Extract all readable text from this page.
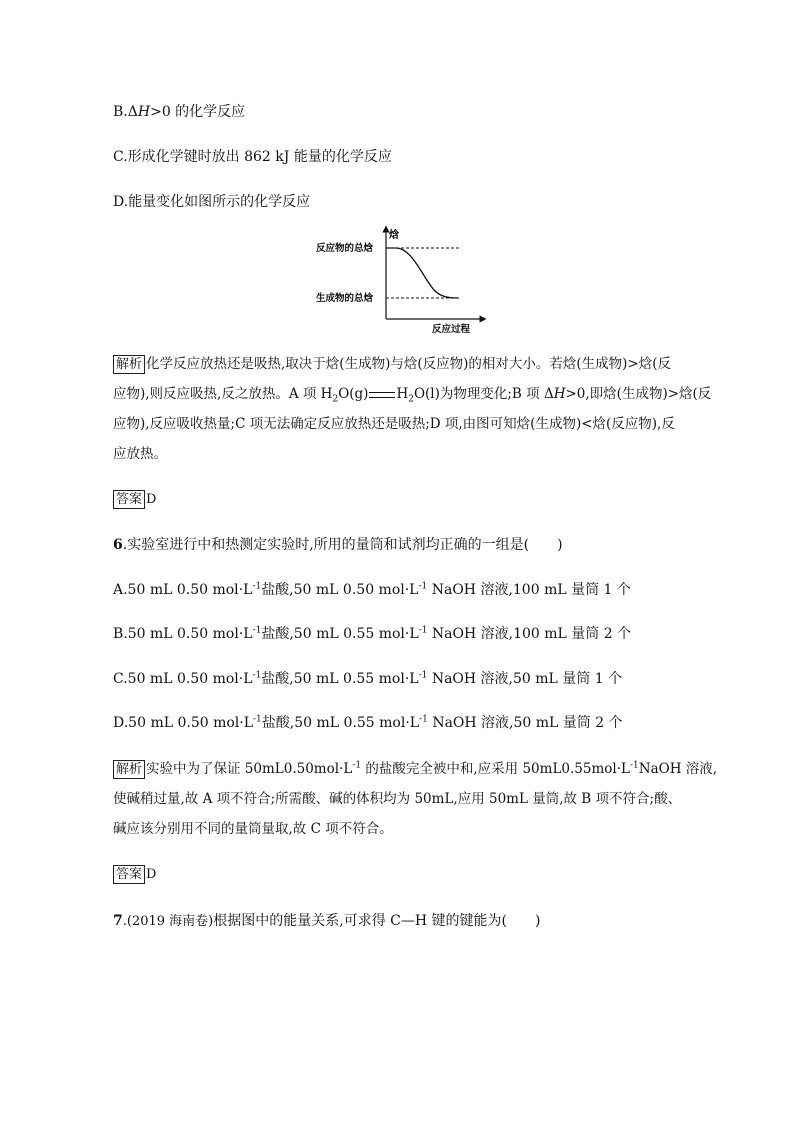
B.ΔH>0 的化学反应
C.形成化学键时放出 862 kJ 能量的化学反应
D.能量变化如图所示的化学反应
焓
反应物的总焓
生成物的总焓
反应过程
解析 化学反应放热还是吸热,取决于焓(生成物)与焓(反应物)的相对大小。若焓(生成物)>焓(反
应物),则反应吸热,反之放热。A 项 $H_2O(g)$ $H_2O(l)$为物理变化;B 项 ΔH>0,即焓(生成物)>焓(反
应物),反应吸收热量;C 项无法确定反应放热还是吸热;D 项,由图可知焓(生成物)<焓(反应物),反
应放热。
答案 D
6.实验室进行中和热测定实验时,所用的量筒和试剂均正确的一组是(　　)
A.50 mL 0.50 $mol\cdot L^{-1}$盐酸,50 mL 0.50 $mol\cdot L^{-1}$ NaOH 溶液,100 mL 量筒 1 个
B.50 mL 0.50 $mol\cdot L^{-1}$盐酸,50 mL 0.55 $mol\cdot L^{-1}$ NaOH 溶液,100 mL 量筒 2 个
C.50 mL 0.50 $mol\cdot L^{-1}$盐酸,50 mL 0.55 $mol\cdot L^{-1}$ NaOH 溶液,50 mL 量筒 1 个
D.50 mL 0.50 $mol\cdot L^{-1}$盐酸,50 mL 0.55 $mol\cdot L^{-1}$ NaOH 溶液,50 mL 量筒 2 个
解析 实验中为了保证 $50mL0.50mol\cdot L^{-1}$ 的盐酸完全被中和,应采用 $50mL0.55mol\cdot L^{-1}NaOH$ 溶液,
使碱稍过量,故 A 项不符合;所需酸、碱的体积均为 50mL,应用 50mL 量筒,故 B 项不符合;酸、
碱应该分别用不同的量筒量取,故 C 项不符合。
答案 D
7.(2019 海南卷)根据图中的能量关系,可求得 C—H 键的键能为(　　)
